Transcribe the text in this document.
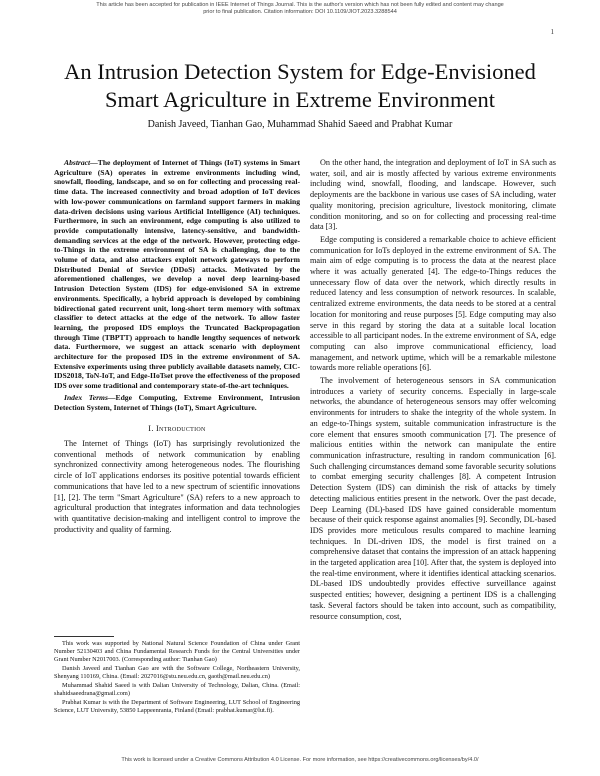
This article has been accepted for publication in IEEE Internet of Things Journal. This is the author's version which has not been fully edited and content may change prior to final publication. Citation information: DOI 10.1109/JIOT.2023.3288544
1
An Intrusion Detection System for Edge-Envisioned
Smart Agriculture in Extreme Environment
Danish Javeed, Tianhan Gao, Muhammad Shahid Saeed and Prabhat Kumar

Abstract—The deployment of Internet of Things (IoT) systems in Smart Agriculture (SA) operates in extreme environments including wind, snowfall, flooding, landscape, and so on for collecting and processing real-time data. The increased connectivity and broad adoption of IoT devices with low-power communications on farmland support farmers in making data-driven decisions using various Artificial Intelligence (AI) techniques. Furthermore, in such an environment, edge computing is also utilized to provide computationally intensive, latency-sensitive, and bandwidth-demanding services at the edge of the network. However, protecting edge-to-Things in the extreme environment of SA is challenging, due to the volume of data, and also attackers exploit network gateways to perform Distributed Denial of Service (DDoS) attacks. Motivated by the aforementioned challenges, we develop a novel deep learning-based Intrusion Detection System (IDS) for edge-envisioned SA in extreme environments. Specifically, a hybrid approach is developed by combining bidirectional gated recurrent unit, long-short term memory with softmax classifier to detect attacks at the edge of the network. To allow faster learning, the proposed IDS employs the Truncated Backpropagation through Time (TBPTT) approach to handle lengthy sequences of network data. Furthermore, we suggest an attack scenario with deployment architecture for the proposed IDS in the extreme environment of SA. Extensive experiments using three publicly available datasets namely, CIC-IDS2018, ToN-IoT, and Edge-IIoTset prove the effectiveness of the proposed IDS over some traditional and contemporary state-of-the-art techniques.

Index Terms—Edge Computing, Extreme Environment, Intrusion Detection System, Internet of Things (IoT), Smart Agriculture.

I. Introduction

The Internet of Things (IoT) has surprisingly revolutionized the conventional methods of network communication by enabling synchronized connectivity among heterogeneous nodes. The flourishing circle of IoT applications endorses its positive potential towards efficient communications that have led to a new spectrum of scientific innovations [1], [2]. The term "Smart Agriculture" (SA) refers to a new approach to agricultural production that integrates information and data technologies with quantitative decision-making and intelligent control to improve the productivity and quality of farming.

This work was supported by National Natural Science Foundation of China under Grant Number 52130403 and China Fundamental Research Funds for the Central Universities under Grant Number N2017003. (Corresponding author: Tianhan Gao)

Danish Javeed and Tianhan Gao are with the Software College, Northeastern University, Shenyang 110169, China. (Email: 2027016@stu.neu.edu.cn, gaoth@mail.neu.edu.cn)

Muhammad Shahid Saeed is with Dalian University of Technology, Dalian, China. (Email: shahidsaeedrana@gmail.com)

Prabhat Kumar is with the Department of Software Engineering, LUT School of Engineering Science, LUT University, 53850 Lappeenranta, Finland (Email: prabhat.kumar@lut.fi).

On the other hand, the integration and deployment of IoT in SA such as water, soil, and air is mostly affected by various extreme environments including wind, snowfall, flooding, and landscape. However, such deployments are the backbone in various use cases of SA including, water quality monitoring, precision agriculture, livestock monitoring, climate condition monitoring, and so on for collecting and processing real-time data [3].

Edge computing is considered a remarkable choice to achieve efficient communication for IoTs deployed in the extreme environment of SA. The main aim of edge computing is to process the data at the nearest place where it was actually generated [4]. The edge-to-Things reduces the unnecessary flow of data over the network, which directly results in reduced latency and less consumption of network resources. In scalable, centralized extreme environments, the data needs to be stored at a central location for monitoring and reuse purposes [5]. Edge computing may also serve in this regard by storing the data at a suitable local location accessible to all participant nodes. In the extreme environment of SA, edge computing can also improve communicational efficiency, load management, and network uptime, which will be a remarkable milestone towards more reliable operations [6].

The involvement of heterogeneous sensors in SA communication introduces a variety of security concerns. Especially in large-scale networks, the abundance of heterogeneous sensors may offer welcoming environments for intruders to shake the integrity of the whole system. In an edge-to-Things system, suitable communication infrastructure is the core element that ensures smooth communication [7]. The presence of malicious entities within the network can manipulate the entire communication infrastructure, resulting in random communication [6]. Such challenging circumstances demand some favorable security solutions to combat emerging security challenges [8]. A competent Intrusion Detection System (IDS) can diminish the risk of attacks by timely detecting malicious entities present in the network. Over the past decade, Deep Learning (DL)-based IDS have gained considerable momentum because of their quick response against anomalies [9]. Secondly, DL-based IDS provides more meticulous results compared to machine learning techniques. In DL-driven IDS, the model is first trained on a comprehensive dataset that contains the impression of an attack happening in the targeted application area [10]. After that, the system is deployed into the real-time environment, where it identifies identical attacking scenarios. DL-based IDS undoubtedly provides effective surveillance against suspected entities; however, designing a pertinent IDS is a challenging task. Several factors should be taken into account, such as compatibility, resource consumption, cost,

This work is licensed under a Creative Commons Attribution 4.0 License. For more information, see https://creativecommons.org/licenses/by/4.0/
